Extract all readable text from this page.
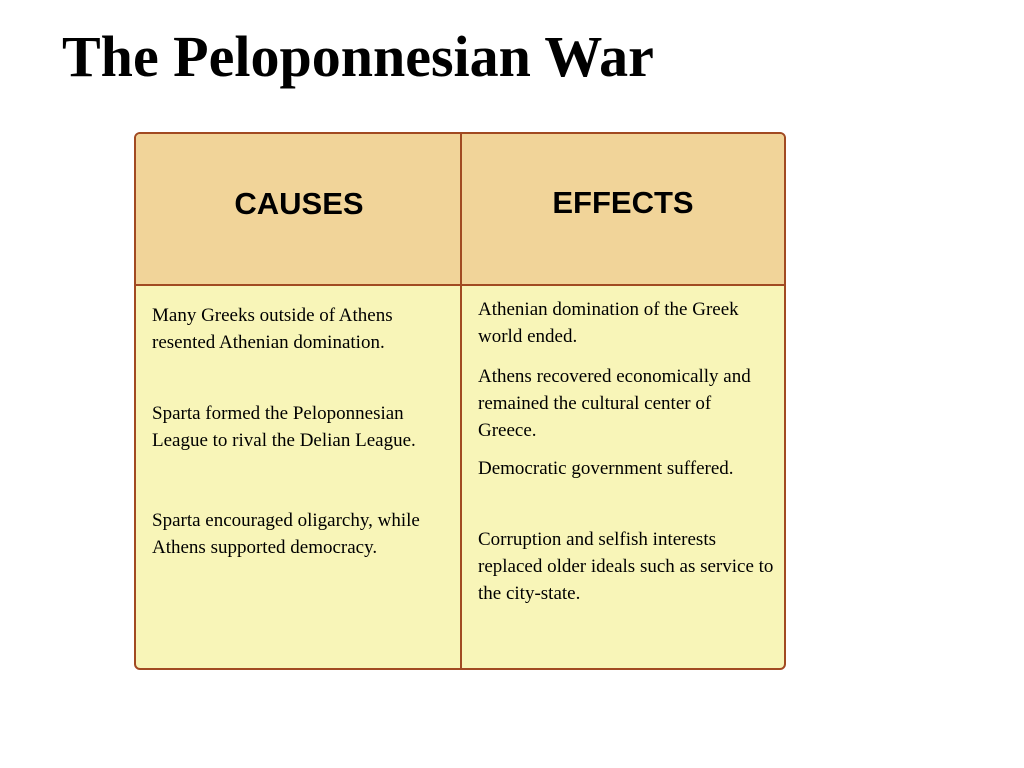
The Peloponnesian War
CAUSES
Many Greeks outside of Athens resented Athenian domination.
Sparta formed the Peloponnesian League to rival the Delian League.
Sparta encouraged oligarchy, while Athens supported democracy.
EFFECTS
Athenian domination of the Greek world ended.
Athens recovered economically and remained the cultural center of Greece.
Democratic government suffered.
Corruption and selfish interests replaced older ideals such as service to the city-state.
